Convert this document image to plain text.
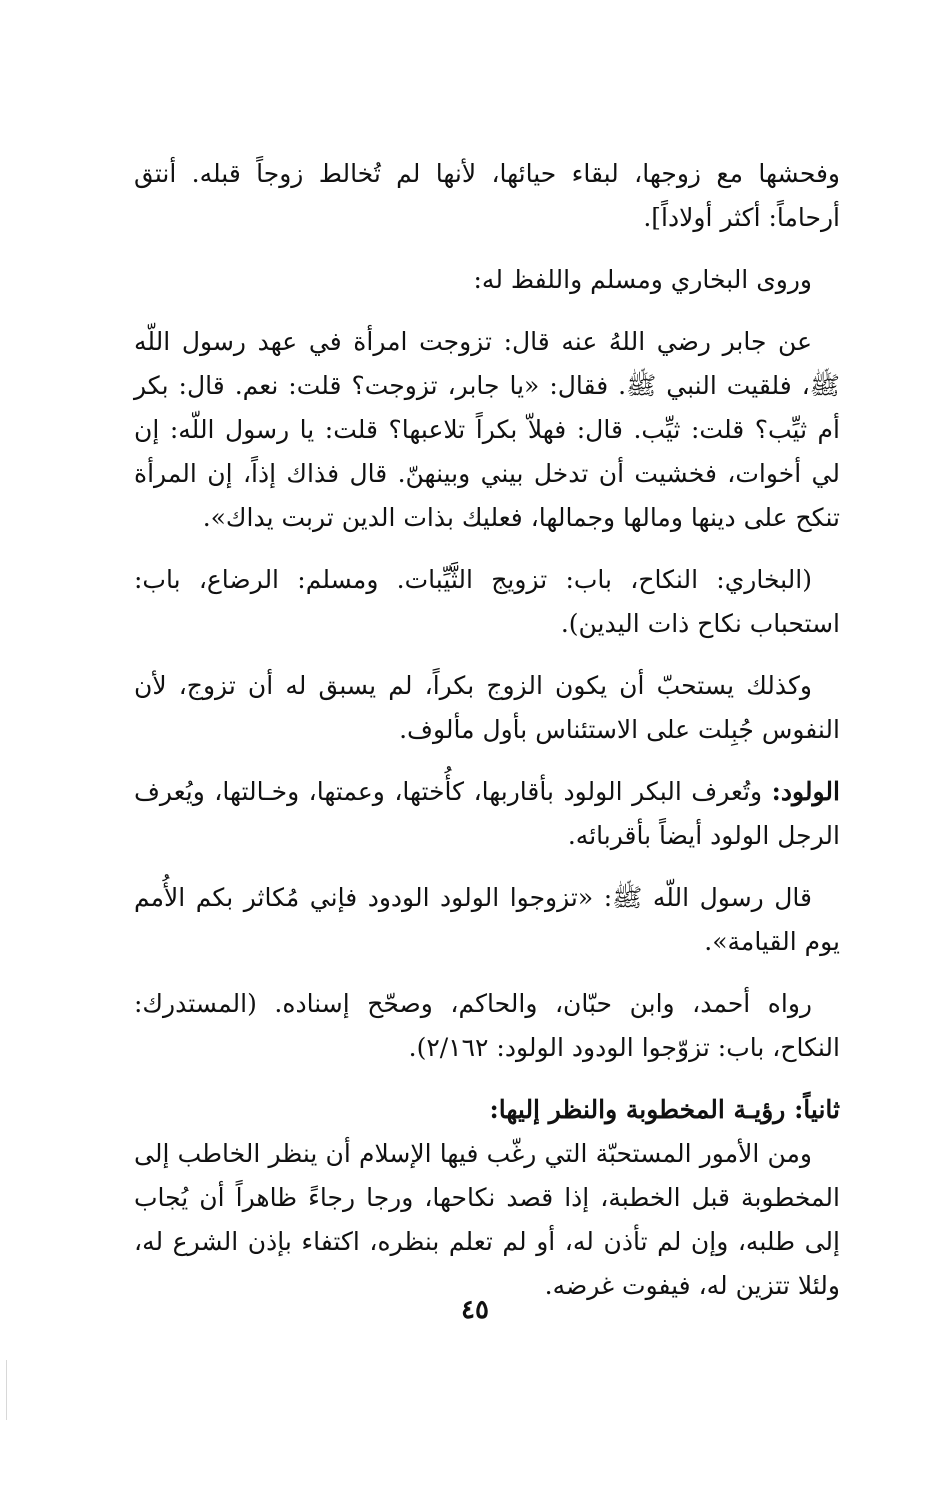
وفحشها مع زوجها، لبقاء حيائها، لأنها لم تُخالط زوجاً قبله. أنتق أرحاماً: أكثر أولاداً].

وروى البخاري ومسلم واللفظ له:

عن جابر رضي اللهُ عنه قال: تزوجت امرأة في عهد رسول اللّه ﷺ، فلقيت النبي ﷺ. فقال: «يا جابر، تزوجت؟ قلت: نعم. قال: بكر أم ثيِّب؟ قلت: ثيِّب. قال: فهلاّ بكراً تلاعبها؟ قلت: يا رسول اللّه: إن لي أخوات، فخشيت أن تدخل بيني وبينهنّ. قال فذاك إذاً، إن المرأة تنكح على دينها ومالها وجمالها، فعليك بذات الدين تربت يداك».

(البخاري: النكاح، باب: تزويج الثَّيِّبات. ومسلم: الرضاع، باب: استحباب نكاح ذات اليدين).

وكذلك يستحبّ أن يكون الزوج بكراً، لم يسبق له أن تزوج، لأن النفوس جُبِلت على الاستئناس بأول مألوف.

الولود: وتُعرف البكر الولود بأقاربها، كأُختها، وعمتها، وخـالتها، ويُعرف الرجل الولود أيضاً بأقربائه.

قال رسول اللّه ﷺ: «تزوجوا الولود الودود فإني مُكاثر بكم الأُمم يوم القيامة».

رواه أحمد، وابن حبّان، والحاكم، وصحّح إسناده. (المستدرك: النكاح، باب: تزوّجوا الودود الولود: ٢/١٦٢).

ثانياً: رؤيـة المخطوبة والنظر إليها:

ومن الأمور المستحبّة التي رغّب فيها الإسلام أن ينظر الخاطب إلى المخطوبة قبل الخطبة، إذا قصد نكاحها، ورجا رجاءً ظاهراً أن يُجاب إلى طلبه، وإن لم تأذن له، أو لم تعلم بنظره، اكتفاء بإذن الشرع له، ولئلا تتزين له، فيفوت غرضه.

٤٥
